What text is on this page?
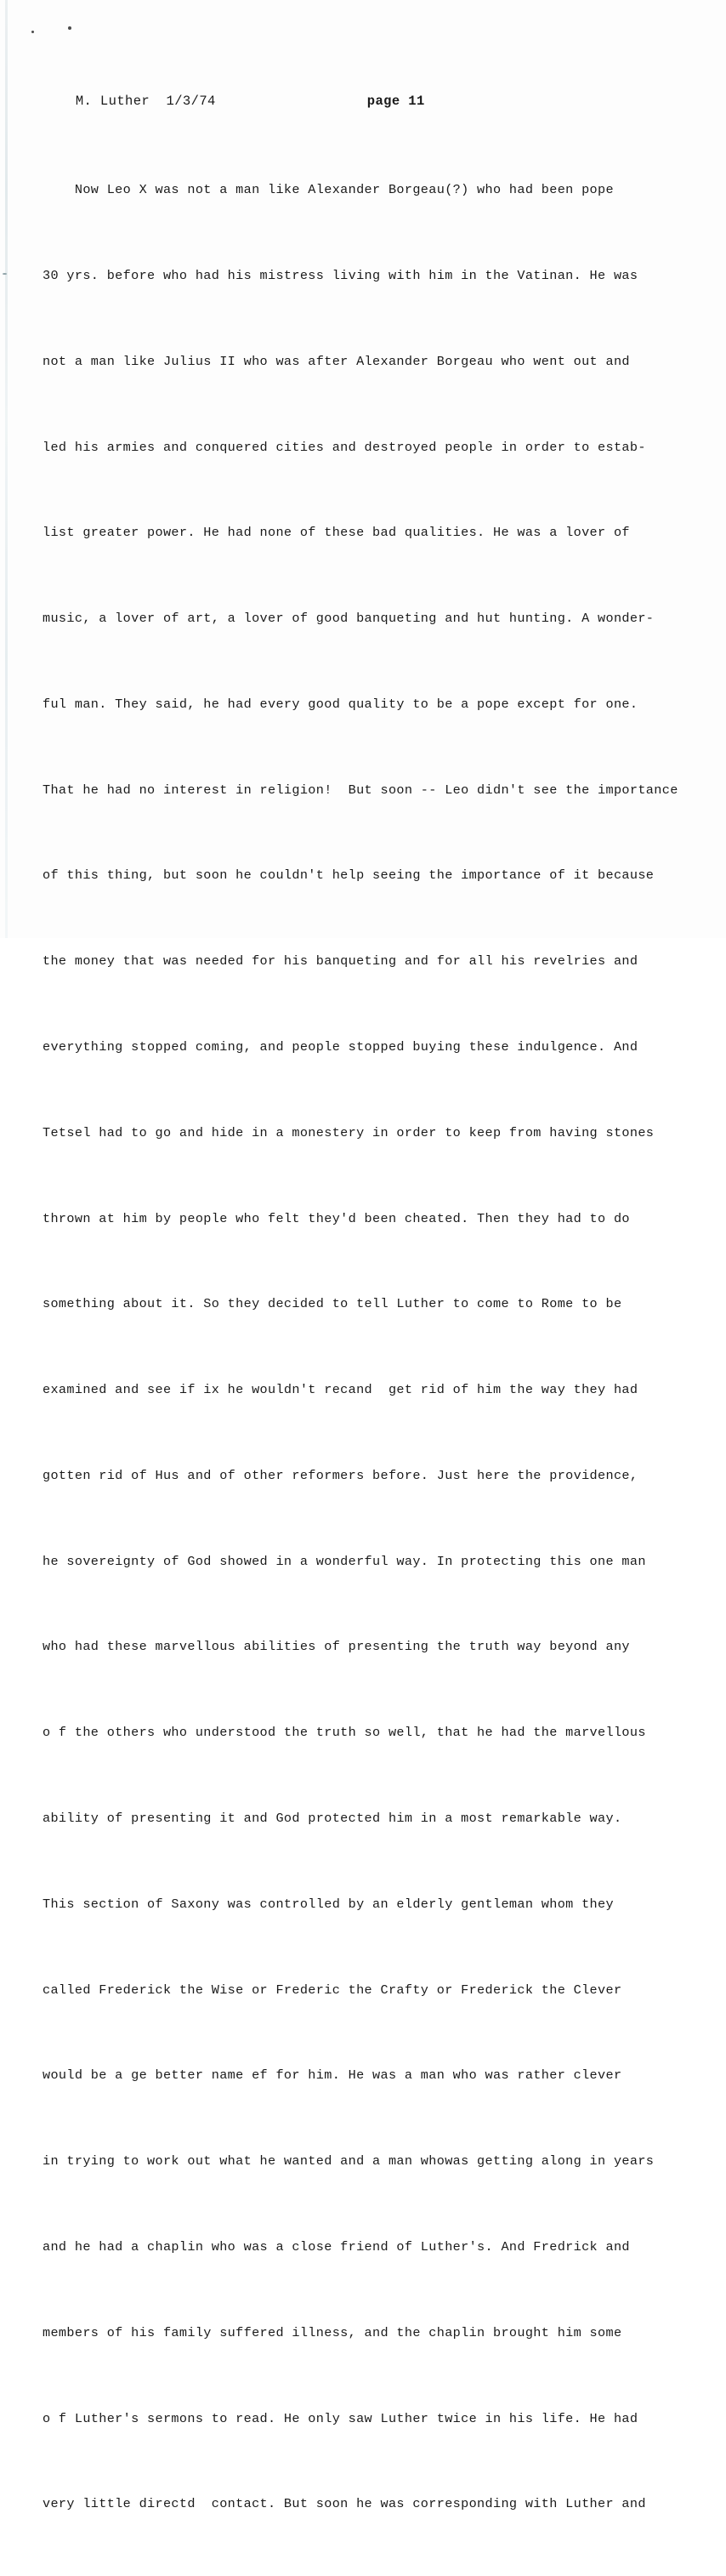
M. Luther  1/3/74	page 11

Now Leo X was not a man like Alexander Borgeau(?) who had been pope

30 yrs. before who had his mistress living with him in the Vatinan. He was

not a man like Julius II who was after Alexander Borgeau who went out and

led his armies and conquered cities and destroyed people in order to estab-

list greater power. He had none of these bad qualities. He was a lover of

music, a lover of art, a lover of good banqueting and hut hunting. A wonder-

ful man. They said, he had every good quality to be a pope except for one.

That he had no interest in religion!  But soon -- Leo didn't see the importance

of this thing, but soon he couldn't help seeing the importance of it because

the money that was needed for his banqueting and for all his revelries and

everything stopped coming, and people stopped buying these indulgence. And

Tetsel had to go and hide in a monestery in order to keep from having stones

thrown at him by people who felt they'd been cheated. Then they had to do

something about it. So they decided to tell Luther to come to Rome to be

examined and see if ix he wouldn't recand  get rid of him the way they had

gotten rid of Hus and of other reformers before. Just here the providence,

he sovereignty of God showed in a wonderful way. In protecting this one man

who had these marvellous abilities of presenting the truth way beyond any

o f the others who understood the truth so well, that he had the marvellous

ability of presenting it and God protected him in a most remarkable way.

This section of Saxony was controlled by an elderly gentleman whom they

called Frederick the Wise or Frederic the Crafty or Frederick the Clever

would be a ge better name ef for him. He was a man who was rather clever

in trying to work out what he wanted and a man whowas getting along in years

and he had a chaplin who was a close friend of Luther's. And Fredrick and

members of his family suffered illness, and the chaplin brought him some

o f Luther's sermons to read. He only saw Luther twice in his life. He had

very little directd  contact. But soon he was corresponding with Luther and
